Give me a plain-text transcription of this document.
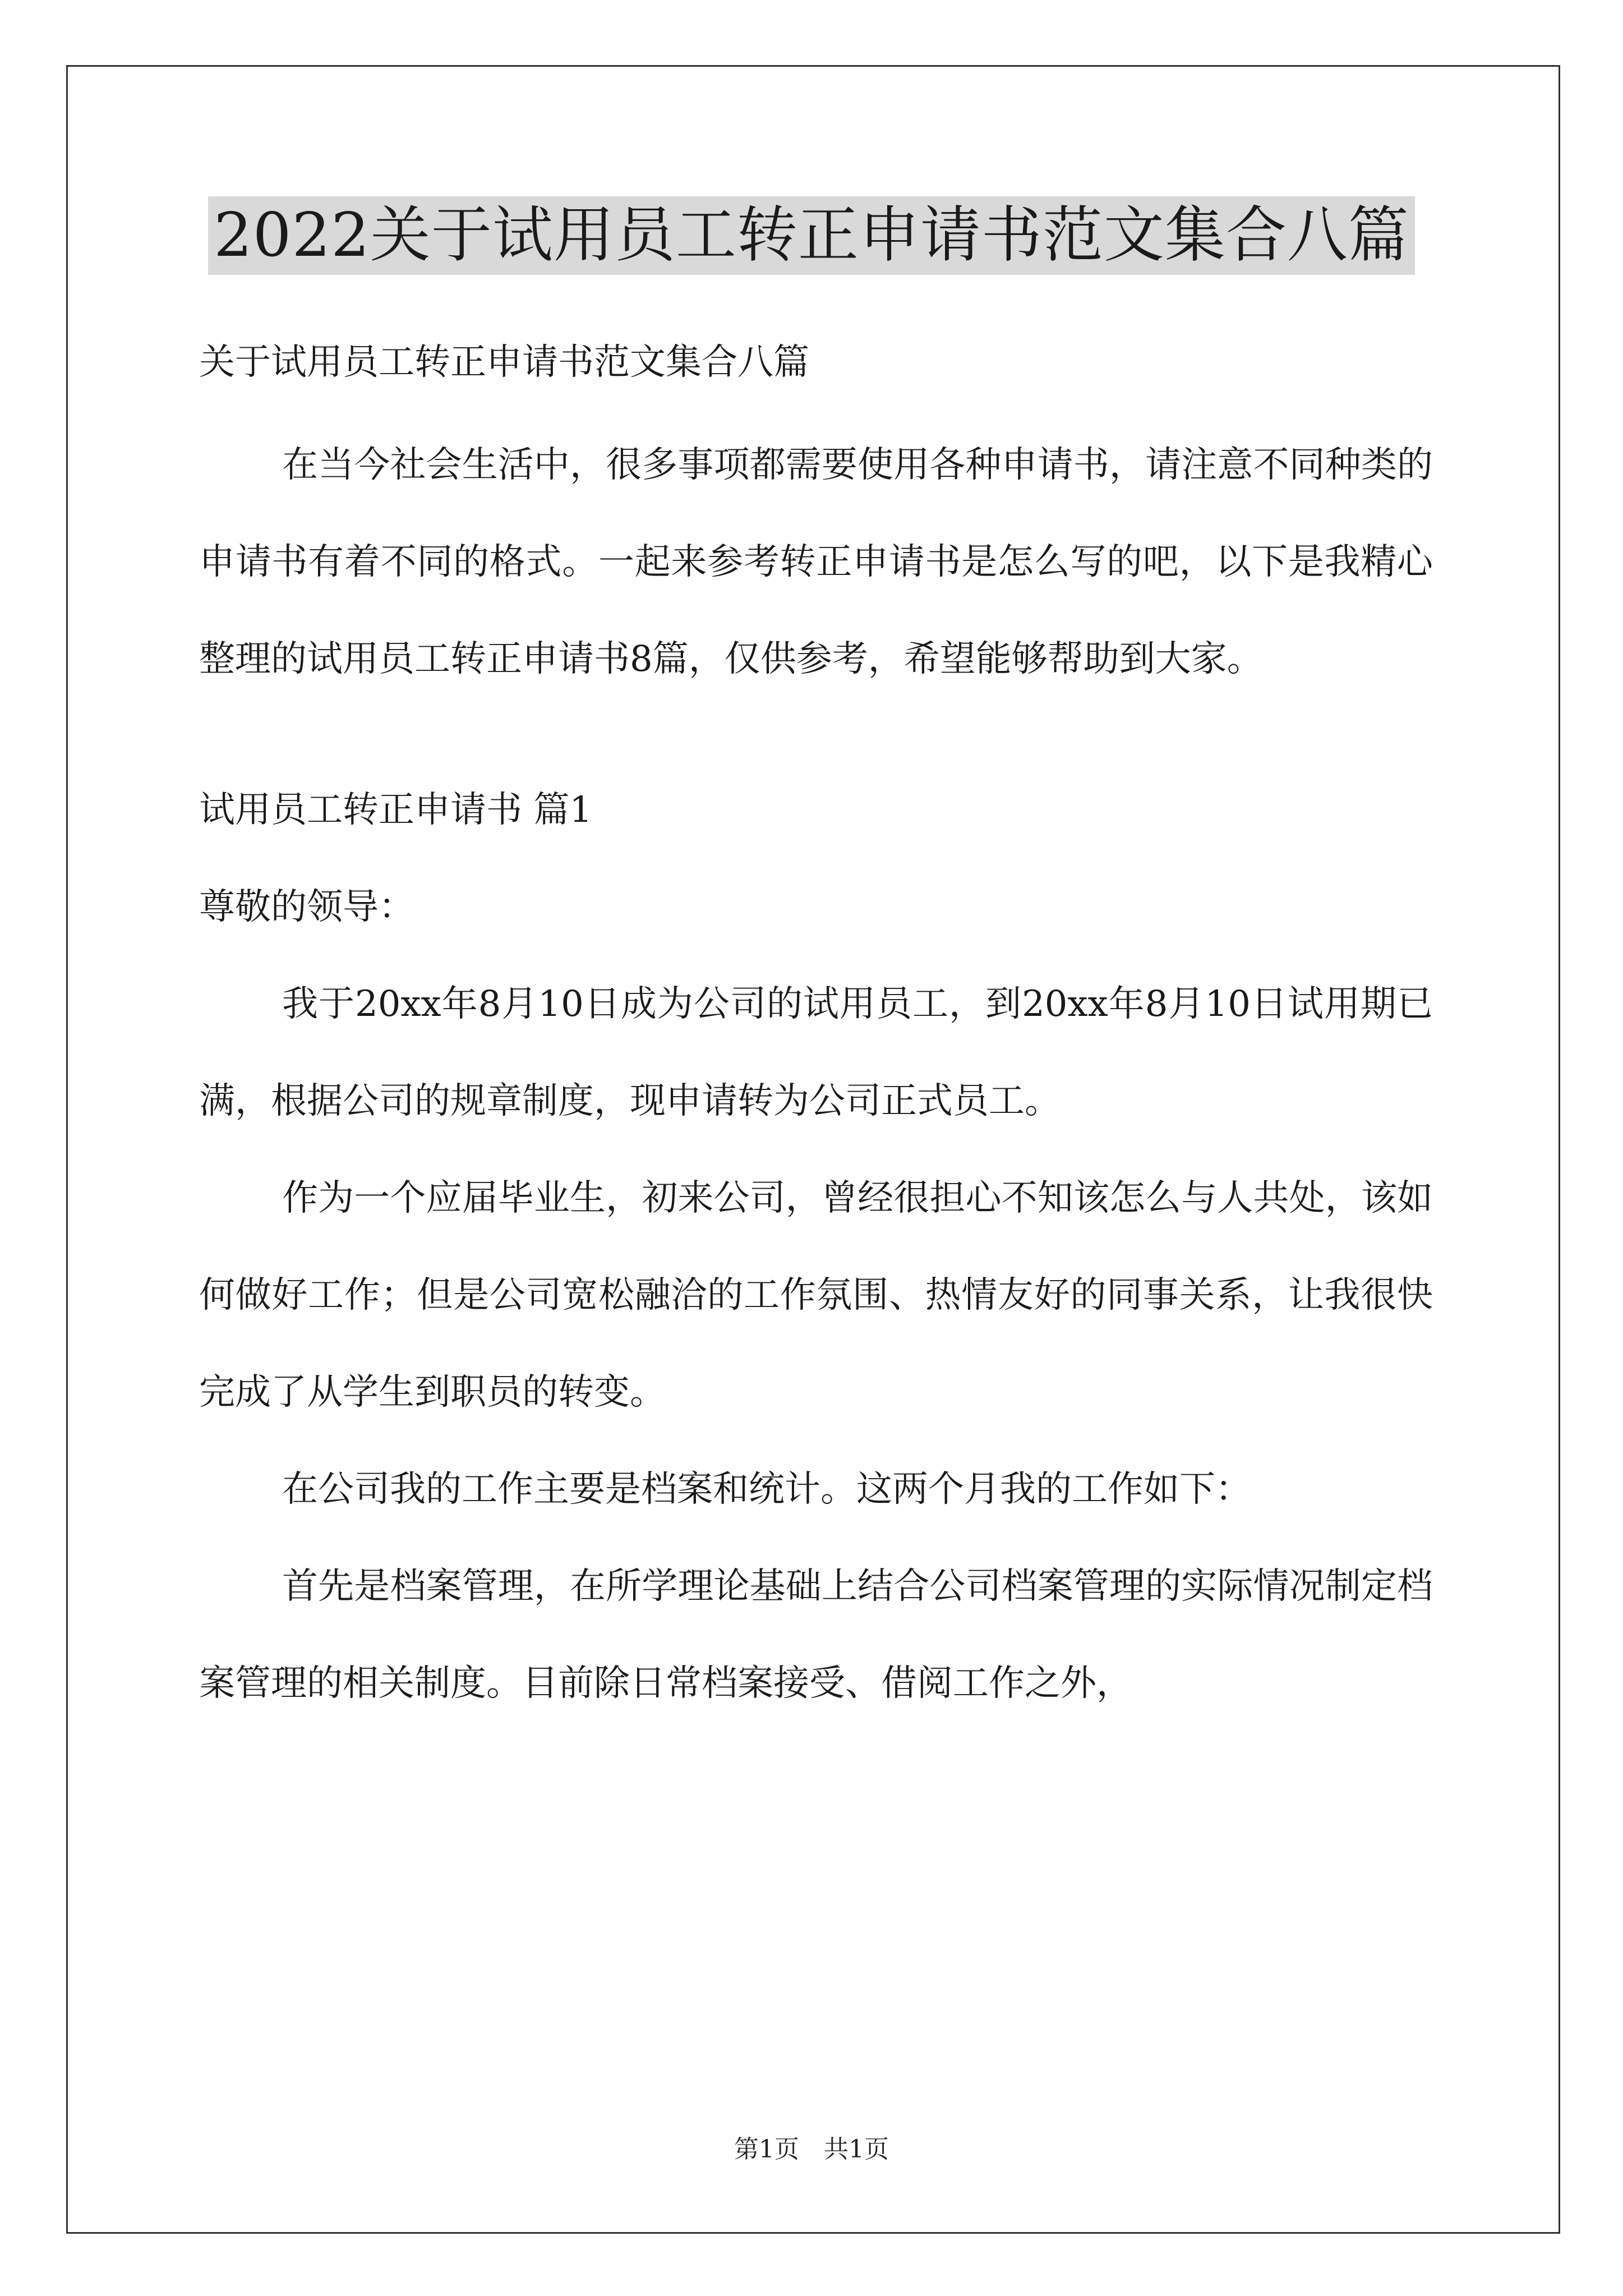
2022关于试用员工转正申请书范文集合八篇

关于试用员工转正申请书范文集合八篇

在当今社会生活中，很多事项都需要使用各种申请书，请注意不同种类的申请书有着不同的格式。一起来参考转正申请书是怎么写的吧，以下是我精心整理的试用员工转正申请书8篇，仅供参考，希望能够帮助到大家。

试用员工转正申请书 篇1

尊敬的领导：

我于20xx年8月10日成为公司的试用员工，到20xx年8月10日试用期已满，根据公司的规章制度，现申请转为公司正式员工。

作为一个应届毕业生，初来公司，曾经很担心不知该怎么与人共处，该如何做好工作；但是公司宽松融洽的工作氛围、热情友好的同事关系，让我很快完成了从学生到职员的转变。

在公司我的工作主要是档案和统计。这两个月我的工作如下：

首先是档案管理，在所学理论基础上结合公司档案管理的实际情况制定档案管理的相关制度。目前除日常档案接受、借阅工作之外，

第1页　共1页
